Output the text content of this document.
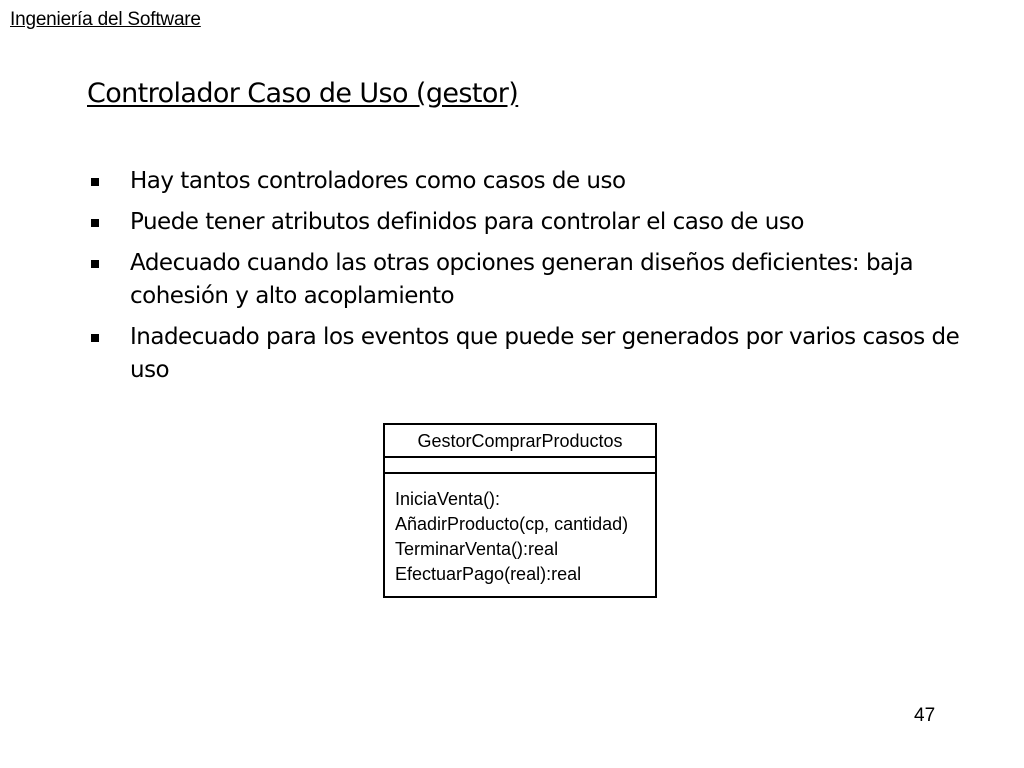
Ingeniería del Software
Controlador Caso de Uso (gestor)
Hay tantos controladores como casos de uso
Puede tener atributos definidos para controlar el caso de uso
Adecuado cuando las otras opciones generan diseños deficientes: baja cohesión y alto acoplamiento
Inadecuado para los eventos que puede ser generados por varios casos de uso
GestorComprarProductos
IniciaVenta():
AñadirProducto(cp, cantidad)
TerminarVenta():real
EfectuarPago(real):real
47
